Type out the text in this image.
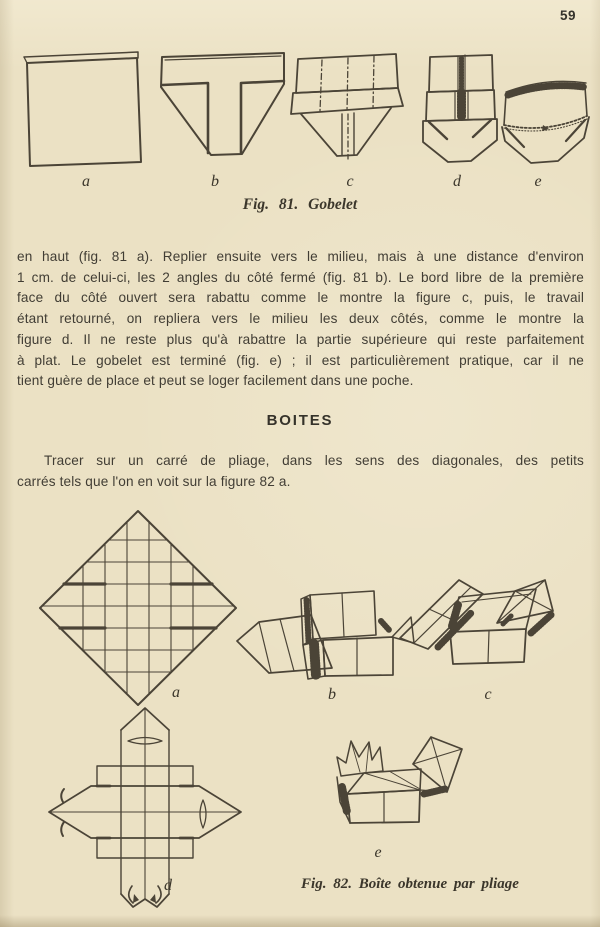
59
a	b	c	d	e
Fig. 81. Gobelet
en haut (fig. 81 a). Replier ensuite vers le milieu, mais à une distance d'environ
1 cm. de celui-ci, les 2 angles du côté fermé (fig. 81 b). Le bord libre de la première
face du côté ouvert sera rabattu comme le montre la figure c, puis, le travail
étant retourné, on repliera vers le milieu les deux côtés, comme le montre la
figure d. Il ne reste plus qu'à rabattre la partie supérieure qui reste parfaitement
à plat. Le gobelet est terminé (fig. e) ; il est particulièrement pratique, car il ne
tient guère de place et peut se loger facilement dans une poche.
BOITES
Tracer sur un carré de pliage, dans les sens des diagonales, des petits
carrés tels que l'on en voit sur la figure 82 a.
a	b	c
d
e
Fig. 82. Boîte obtenue par pliage
